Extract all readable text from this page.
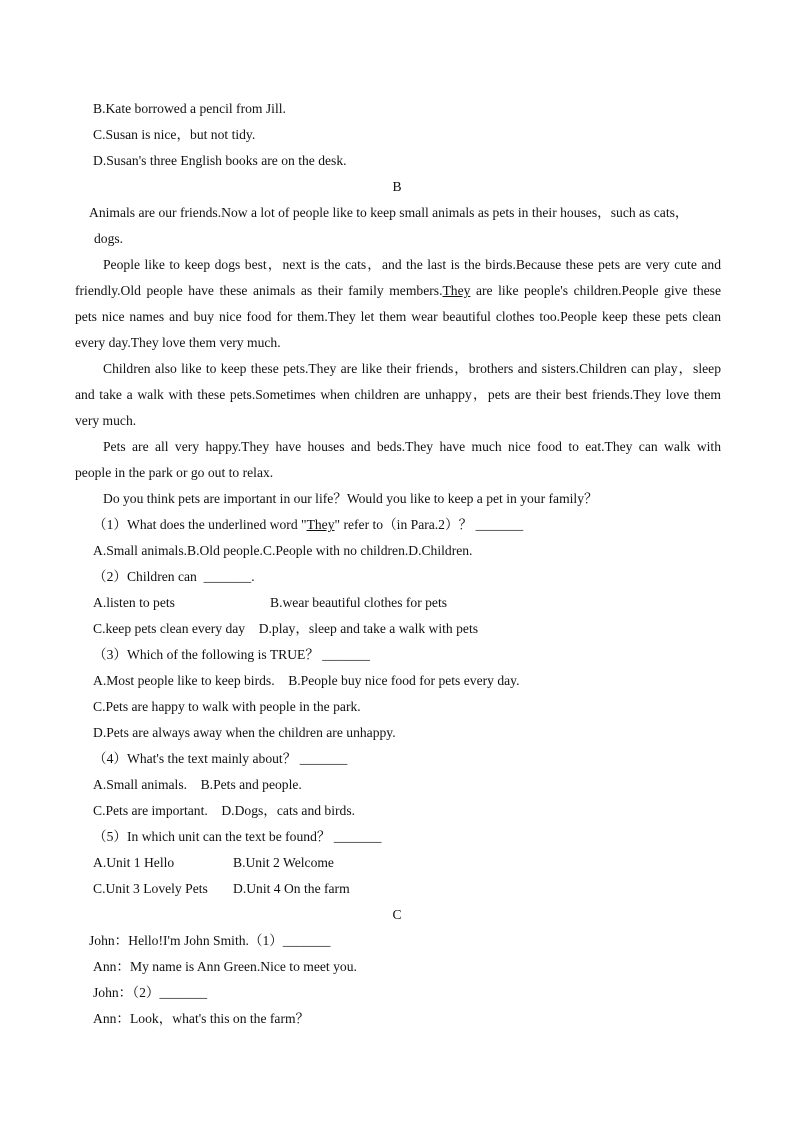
B.Kate borrowed a pencil from Jill.
C.Susan is nice，but not tidy.
D.Susan's three English books are on the desk.
B
Animals are our friends.Now a lot of people like to keep small animals as pets in their houses，such as cats，
dogs.
People like to keep dogs best，next is the cats，and the last is the birds.Because these pets are very cute and
friendly.Old people have these animals as their family members.They are like people's children.People give these
pets nice names and buy nice food for them.They let them wear beautiful clothes too.People keep these pets clean
every day.They love them very much.
Children also like to keep these pets.They are like their friends，brothers and sisters.Children can play，sleep
and take a walk with these pets.Sometimes when children are unhappy，pets are their best friends.They love them
very much.
Pets are all very happy.They have houses and beds.They have much nice food to eat.They can walk with
people in the park or go out to relax.
Do you think pets are important in our life？Would you like to keep a pet in your family？
（1）What does the underlined word "They" refer to（in Para.2）？ _______
A.Small animals.B.Old people.C.People with no children.D.Children.
（2）Children can  _______.
A.listen to pets	B.wear beautiful clothes for pets
C.keep pets clean every day    D.play，sleep and take a walk with pets
（3）Which of the following is TRUE？ _______
A.Most people like to keep birds.    B.People buy nice food for pets every day.
C.Pets are happy to walk with people in the park.
D.Pets are always away when the children are unhappy.
（4）What's the text mainly about？ _______
A.Small animals.    B.Pets and people.
C.Pets are important.    D.Dogs，cats and birds.
（5）In which unit can the text be found？ _______
A.Unit 1 Hello	B.Unit 2 Welcome
C.Unit 3 Lovely Pets D.Unit 4 On the farm
C
John：Hello!I'm John Smith.（1）_______
Ann：My name is Ann Green.Nice to meet you.
John：（2）_______
Ann：Look，what's this on the farm？
